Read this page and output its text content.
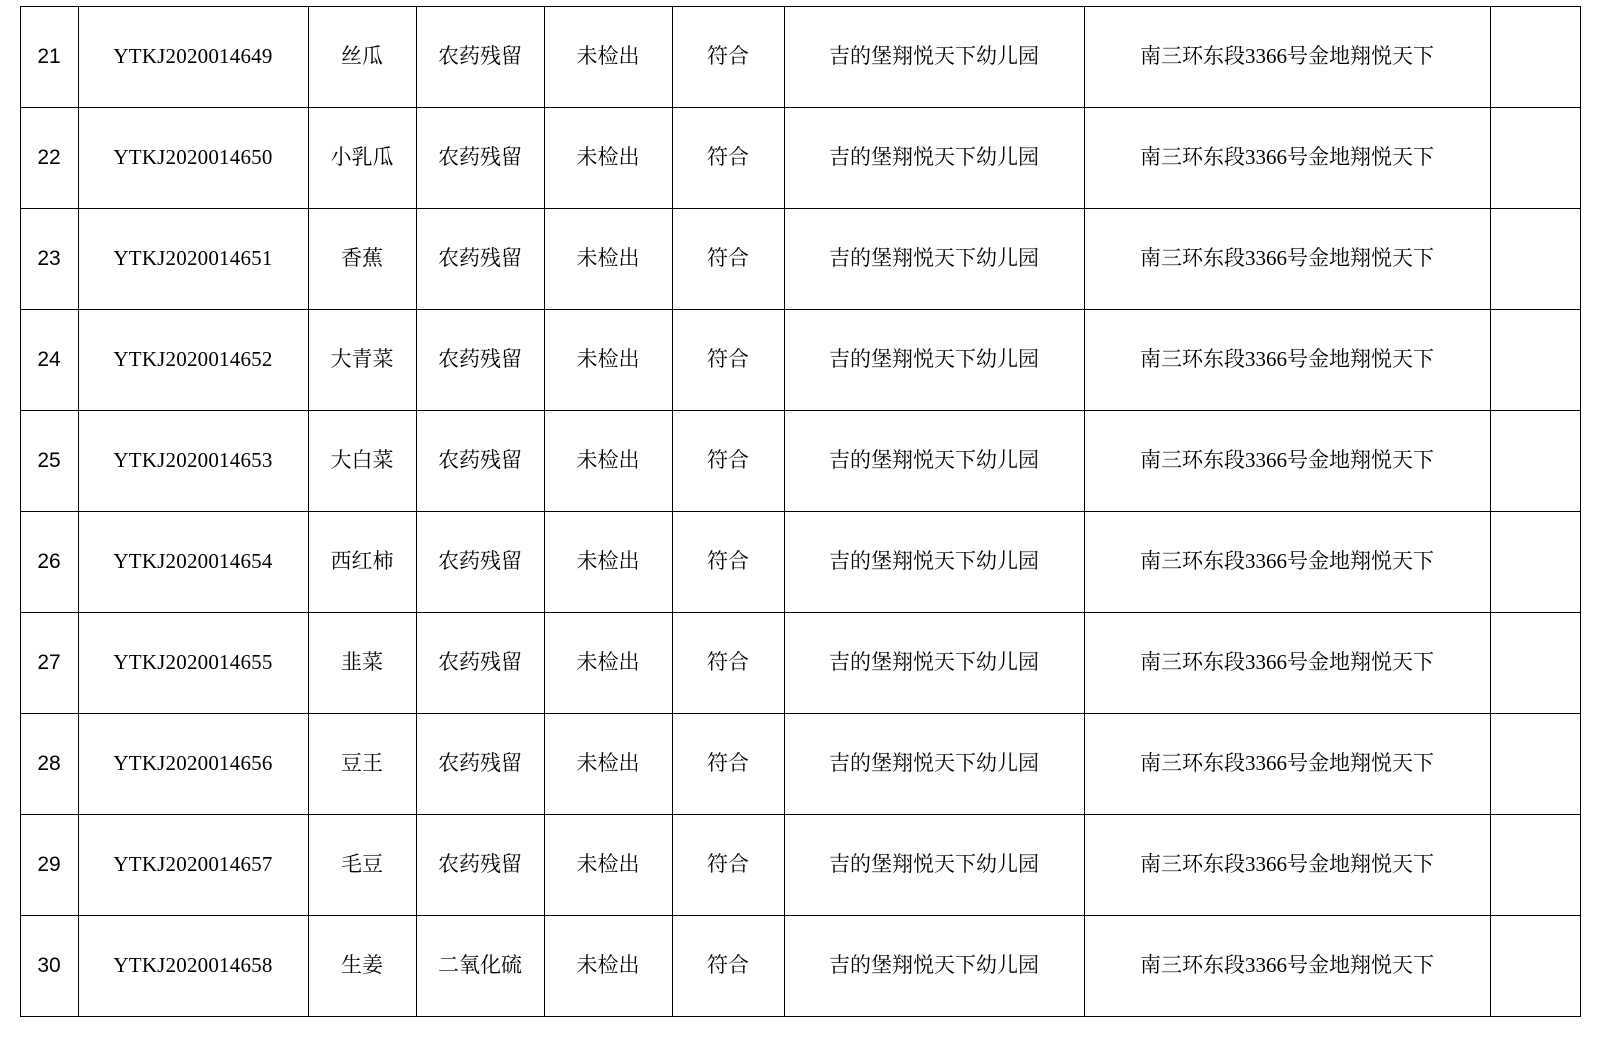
21	YTKJ2020014649	丝瓜	农药残留	未检出	符合	吉的堡翔悦天下幼儿园	南三环东段3366号金地翔悦天下	
22	YTKJ2020014650	小乳瓜	农药残留	未检出	符合	吉的堡翔悦天下幼儿园	南三环东段3366号金地翔悦天下	
23	YTKJ2020014651	香蕉	农药残留	未检出	符合	吉的堡翔悦天下幼儿园	南三环东段3366号金地翔悦天下	
24	YTKJ2020014652	大青菜	农药残留	未检出	符合	吉的堡翔悦天下幼儿园	南三环东段3366号金地翔悦天下	
25	YTKJ2020014653	大白菜	农药残留	未检出	符合	吉的堡翔悦天下幼儿园	南三环东段3366号金地翔悦天下	
26	YTKJ2020014654	西红柿	农药残留	未检出	符合	吉的堡翔悦天下幼儿园	南三环东段3366号金地翔悦天下	
27	YTKJ2020014655	韭菜	农药残留	未检出	符合	吉的堡翔悦天下幼儿园	南三环东段3366号金地翔悦天下	
28	YTKJ2020014656	豆王	农药残留	未检出	符合	吉的堡翔悦天下幼儿园	南三环东段3366号金地翔悦天下	
29	YTKJ2020014657	毛豆	农药残留	未检出	符合	吉的堡翔悦天下幼儿园	南三环东段3366号金地翔悦天下	
30	YTKJ2020014658	生姜	二氧化硫	未检出	符合	吉的堡翔悦天下幼儿园	南三环东段3366号金地翔悦天下	
